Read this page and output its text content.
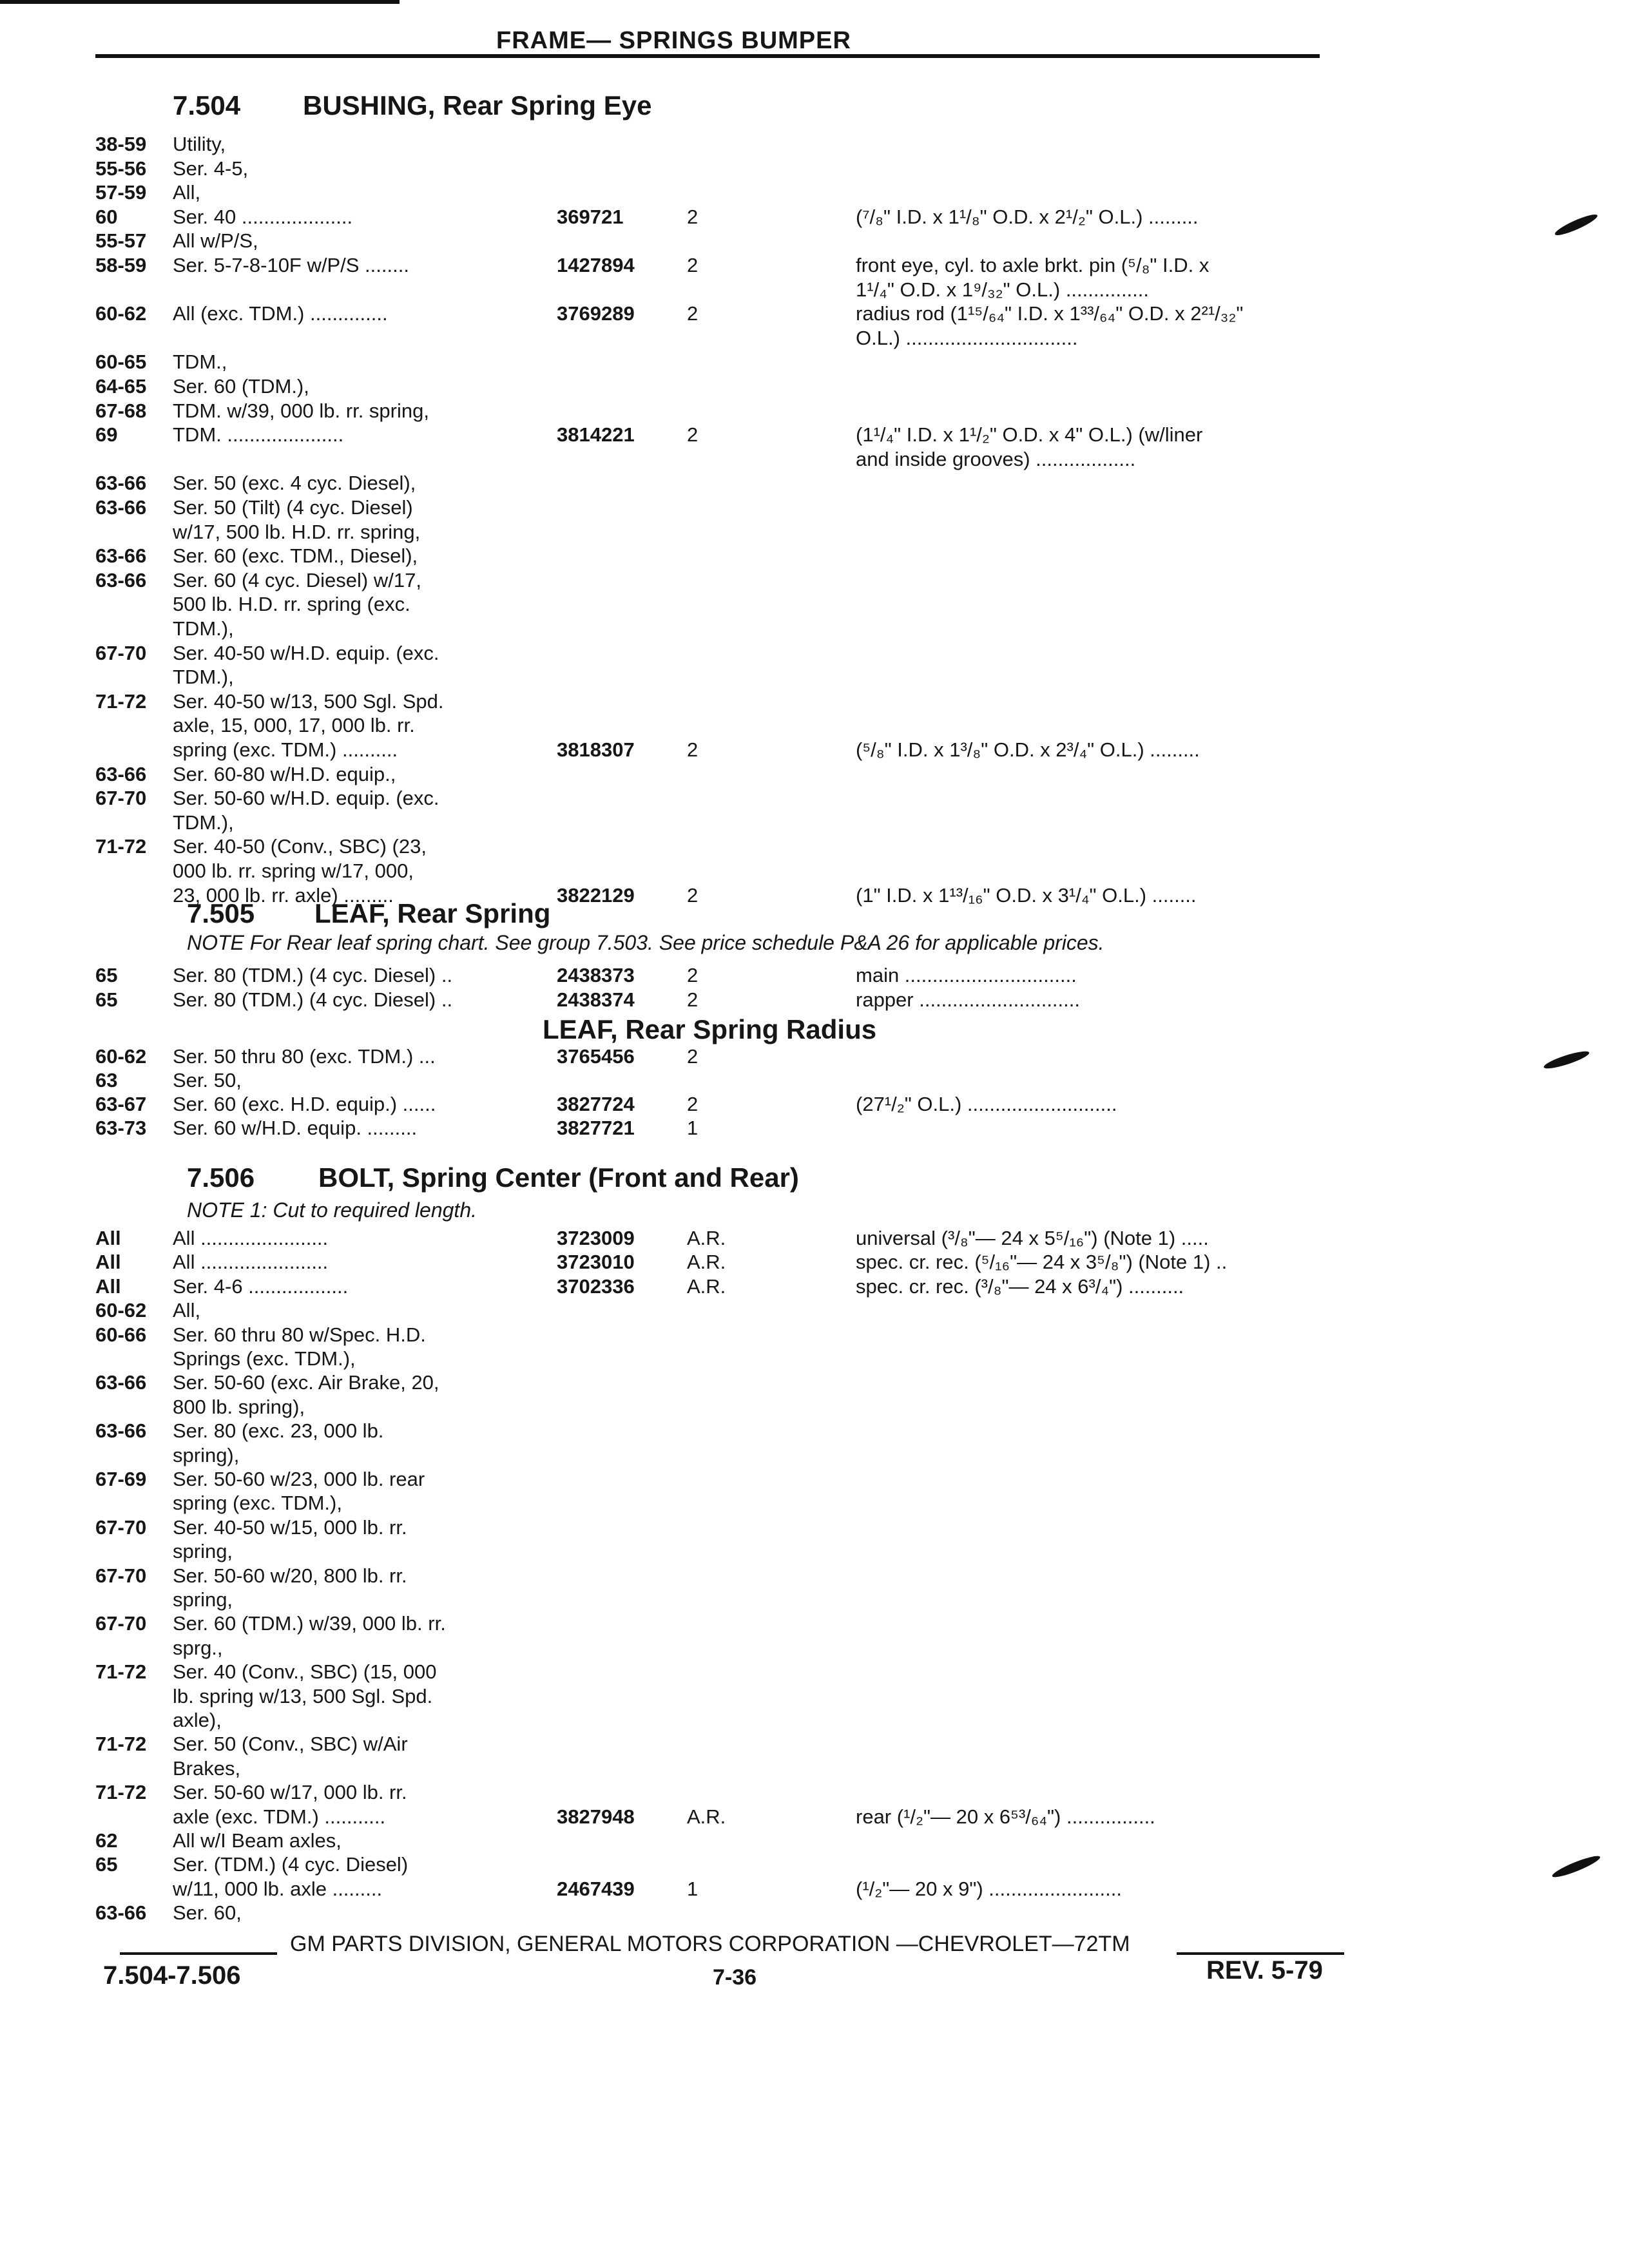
FRAME— SPRINGS BUMPER
7.504 BUSHING, Rear Spring Eye
38-59 Utility,
55-56 Ser. 4-5,
57-59 All,
60	Ser. 40 ....................	369721	2	(⁷/₈" I.D. x 1¹/₈" O.D. x 2¹/₂" O.L.) .........
55-57 All w/P/S,
58-59 Ser. 5-7-8-10F w/P/S ........	1427894	2	front eye, cyl. to axle brkt. pin (⁵/₈" I.D. x
1¹/₄" O.D. x 1⁹/₃₂" O.L.) ...............
60-62 All (exc. TDM.) ..............	3769289	2	radius rod (1¹⁵/₆₄" I.D. x 1³³/₆₄" O.D. x 2²¹/₃₂"
O.L.) ...............................
60-65 TDM.,
64-65 Ser. 60 (TDM.),
67-68 TDM. w/39, 000 lb. rr. spring,
69	TDM. .....................	3814221	2	(1¹/₄" I.D. x 1¹/₂" O.D. x 4" O.L.) (w/liner
and inside grooves) ..................
63-66 Ser. 50 (exc. 4 cyc. Diesel),
63-66 Ser. 50 (Tilt) (4 cyc. Diesel)
w/17, 500 lb. H.D. rr. spring,
63-66 Ser. 60 (exc. TDM., Diesel),
63-66 Ser. 60 (4 cyc. Diesel) w/17,
500 lb. H.D. rr. spring (exc.
TDM.),
67-70 Ser. 40-50 w/H.D. equip. (exc.
TDM.),
71-72 Ser. 40-50 w/13, 500 Sgl. Spd.
axle, 15, 000, 17, 000 lb. rr.
spring (exc. TDM.) ..........	3818307	2	(⁵/₈" I.D. x 1³/₈" O.D. x 2³/₄" O.L.) .........
63-66 Ser. 60-80 w/H.D. equip.,
67-70 Ser. 50-60 w/H.D. equip. (exc.
TDM.),
71-72 Ser. 40-50 (Conv., SBC) (23,
000 lb. rr. spring w/17, 000,
23, 000 lb. rr. axle) .........	3822129	2	(1" I.D. x 1¹³/₁₆" O.D. x 3¹/₄" O.L.) ........
7.505 LEAF, Rear Spring
NOTE For Rear leaf spring chart. See group 7.503. See price schedule P&A 26 for applicable prices.
65	Ser. 80 (TDM.) (4 cyc. Diesel) ..	2438373	2	main ...............................
65	Ser. 80 (TDM.) (4 cyc. Diesel) ..	2438374	2	rapper .............................
LEAF, Rear Spring Radius
60-62 Ser. 50 thru 80 (exc. TDM.) ...	3765456	2
63	Ser. 50,
63-67 Ser. 60 (exc. H.D. equip.) ......	3827724	2	(27¹/₂" O.L.) ...........................
63-73 Ser. 60 w/H.D. equip. .........	3827721	1
7.506 BOLT, Spring Center (Front and Rear)
NOTE 1: Cut to required length.
All	All .......................	3723009	A.R.	universal (³/₈"— 24 x 5⁵/₁₆") (Note 1) .....
All	All .......................	3723010	A.R.	spec. cr. rec. (⁵/₁₆"— 24 x 3⁵/₈") (Note 1) ..
All	Ser. 4-6 ..................	3702336	A.R.	spec. cr. rec. (³/₈"— 24 x 6³/₄") ..........
60-62 All,
60-66 Ser. 60 thru 80 w/Spec. H.D.
Springs (exc. TDM.),
63-66 Ser. 50-60 (exc. Air Brake, 20,
800 lb. spring),
63-66 Ser. 80 (exc. 23, 000 lb.
spring),
67-69 Ser. 50-60 w/23, 000 lb. rear
spring (exc. TDM.),
67-70 Ser. 40-50 w/15, 000 lb. rr.
spring,
67-70 Ser. 50-60 w/20, 800 lb. rr.
spring,
67-70 Ser. 60 (TDM.) w/39, 000 lb. rr.
sprg.,
71-72 Ser. 40 (Conv., SBC) (15, 000
lb. spring w/13, 500 Sgl. Spd.
axle),
71-72 Ser. 50 (Conv., SBC) w/Air
Brakes,
71-72 Ser. 50-60 w/17, 000 lb. rr.
axle (exc. TDM.) ...........	3827948	A.R.	rear (¹/₂"— 20 x 6⁵³/₆₄") ................
62	All w/I Beam axles,
65	Ser. (TDM.) (4 cyc. Diesel)
w/11, 000 lb. axle .........	2467439	1	(¹/₂"— 20 x 9") ........................
63-66 Ser. 60,
GM PARTS DIVISION, GENERAL MOTORS CORPORATION —CHEVROLET—72TM
7.504-7.506	7-36	REV. 5-79
